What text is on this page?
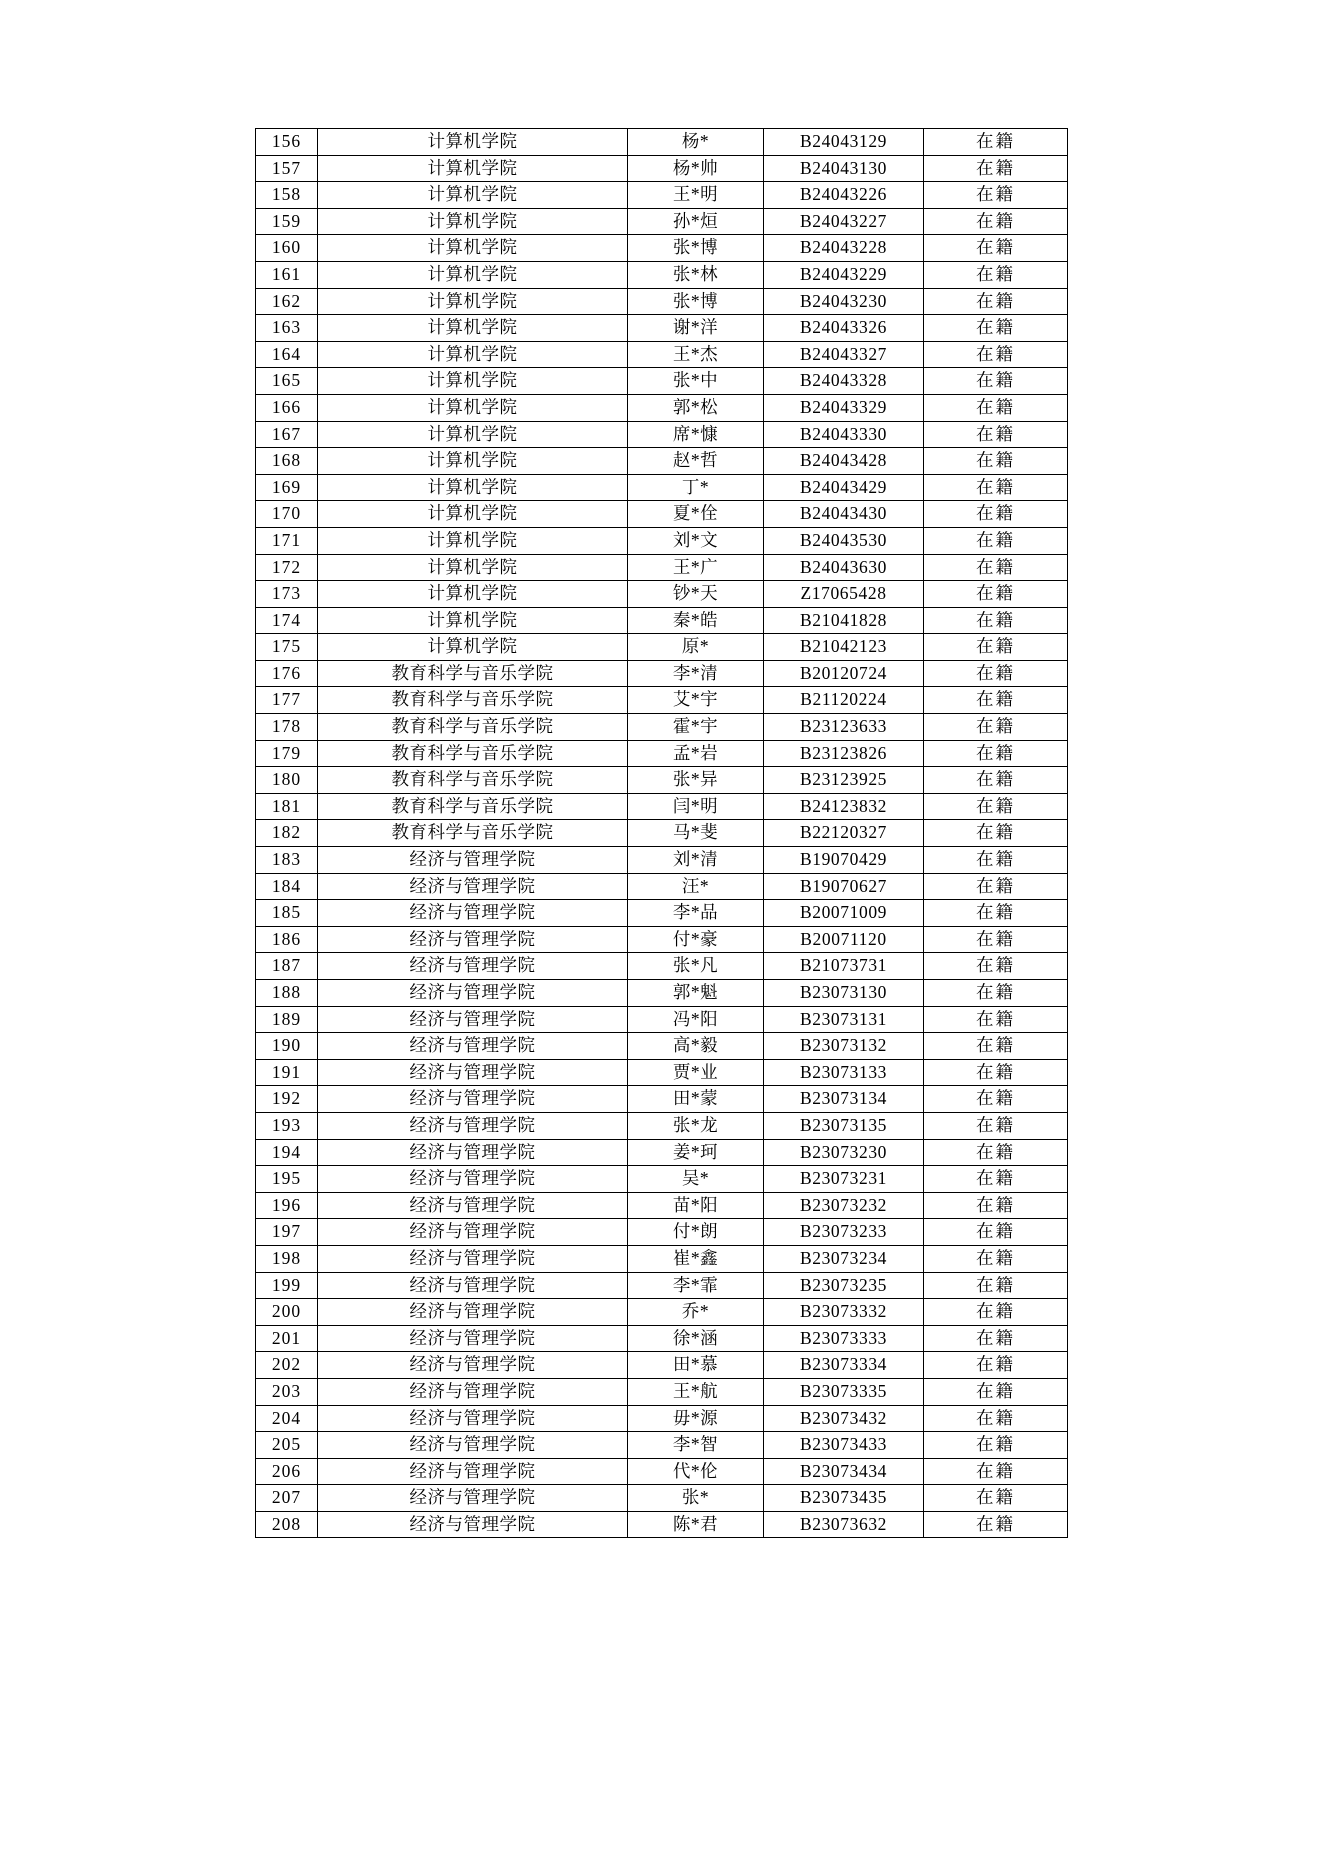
156	计算机学院	杨*	B24043129	在籍
157	计算机学院	杨*帅	B24043130	在籍
158	计算机学院	王*明	B24043226	在籍
159	计算机学院	孙*烜	B24043227	在籍
160	计算机学院	张*博	B24043228	在籍
161	计算机学院	张*林	B24043229	在籍
162	计算机学院	张*博	B24043230	在籍
163	计算机学院	谢*洋	B24043326	在籍
164	计算机学院	王*杰	B24043327	在籍
165	计算机学院	张*中	B24043328	在籍
166	计算机学院	郭*松	B24043329	在籍
167	计算机学院	席*慷	B24043330	在籍
168	计算机学院	赵*哲	B24043428	在籍
169	计算机学院	丁*	B24043429	在籍
170	计算机学院	夏*佺	B24043430	在籍
171	计算机学院	刘*文	B24043530	在籍
172	计算机学院	王*广	B24043630	在籍
173	计算机学院	钞*天	Z17065428	在籍
174	计算机学院	秦*皓	B21041828	在籍
175	计算机学院	原*	B21042123	在籍
176	教育科学与音乐学院	李*清	B20120724	在籍
177	教育科学与音乐学院	艾*宇	B21120224	在籍
178	教育科学与音乐学院	霍*宇	B23123633	在籍
179	教育科学与音乐学院	孟*岩	B23123826	在籍
180	教育科学与音乐学院	张*异	B23123925	在籍
181	教育科学与音乐学院	闫*明	B24123832	在籍
182	教育科学与音乐学院	马*斐	B22120327	在籍
183	经济与管理学院	刘*清	B19070429	在籍
184	经济与管理学院	汪*	B19070627	在籍
185	经济与管理学院	李*品	B20071009	在籍
186	经济与管理学院	付*豪	B20071120	在籍
187	经济与管理学院	张*凡	B21073731	在籍
188	经济与管理学院	郭*魁	B23073130	在籍
189	经济与管理学院	冯*阳	B23073131	在籍
190	经济与管理学院	高*毅	B23073132	在籍
191	经济与管理学院	贾*业	B23073133	在籍
192	经济与管理学院	田*蒙	B23073134	在籍
193	经济与管理学院	张*龙	B23073135	在籍
194	经济与管理学院	姜*珂	B23073230	在籍
195	经济与管理学院	吴*	B23073231	在籍
196	经济与管理学院	苗*阳	B23073232	在籍
197	经济与管理学院	付*朗	B23073233	在籍
198	经济与管理学院	崔*鑫	B23073234	在籍
199	经济与管理学院	李*霏	B23073235	在籍
200	经济与管理学院	乔*	B23073332	在籍
201	经济与管理学院	徐*涵	B23073333	在籍
202	经济与管理学院	田*慕	B23073334	在籍
203	经济与管理学院	王*航	B23073335	在籍
204	经济与管理学院	毋*源	B23073432	在籍
205	经济与管理学院	李*智	B23073433	在籍
206	经济与管理学院	代*伦	B23073434	在籍
207	经济与管理学院	张*	B23073435	在籍
208	经济与管理学院	陈*君	B23073632	在籍
